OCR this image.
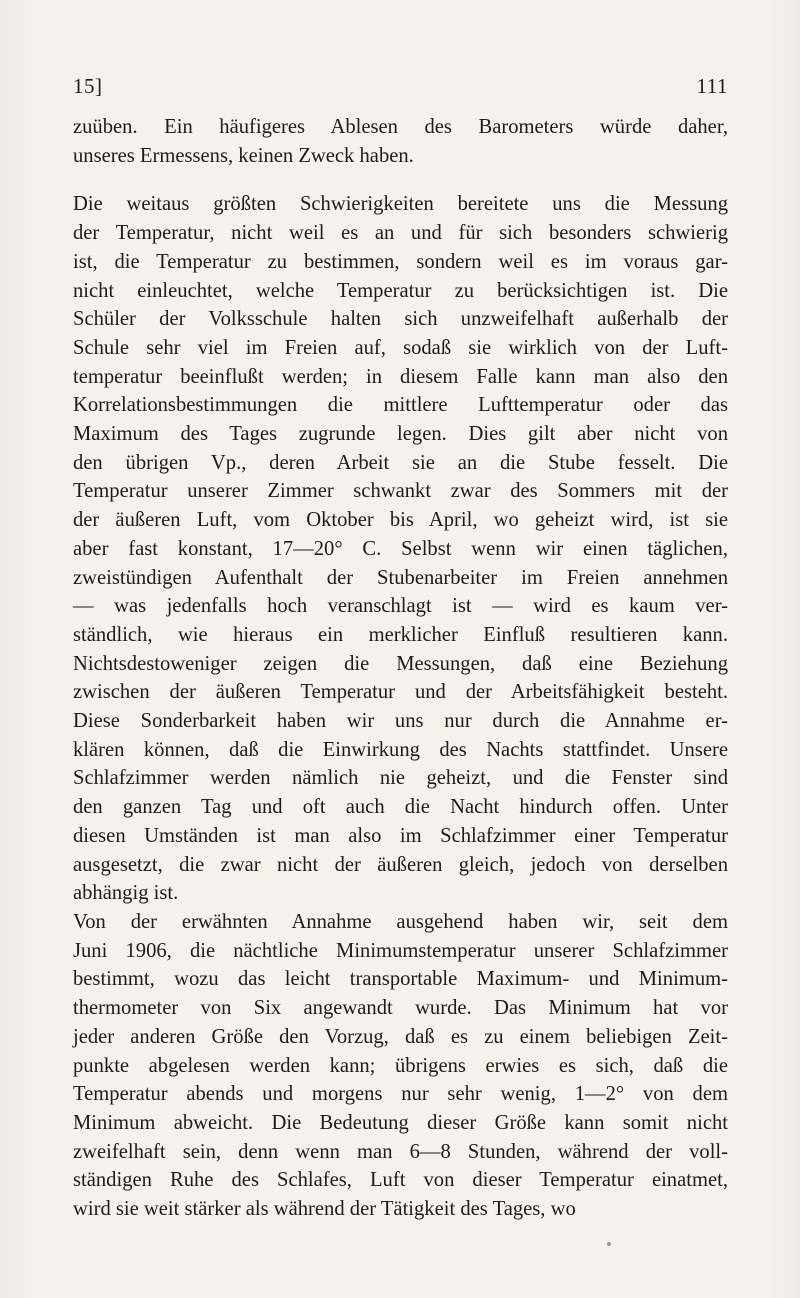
15]	111

zuüben. Ein häufigeres Ablesen des Barometers würde daher,
unseres Ermessens, keinen Zweck haben.

Die weitaus größten Schwierigkeiten bereitete uns die Messung
der Temperatur, nicht weil es an und für sich besonders schwierig
ist, die Temperatur zu bestimmen, sondern weil es im voraus gar-
nicht einleuchtet, welche Temperatur zu berücksichtigen ist. Die
Schüler der Volksschule halten sich unzweifelhaft außerhalb der
Schule sehr viel im Freien auf, sodaß sie wirklich von der Luft-
temperatur beeinflußt werden; in diesem Falle kann man also den
Korrelationsbestimmungen die mittlere Lufttemperatur oder das
Maximum des Tages zugrunde legen. Dies gilt aber nicht von
den übrigen Vp., deren Arbeit sie an die Stube fesselt. Die
Temperatur unserer Zimmer schwankt zwar des Sommers mit der
der äußeren Luft, vom Oktober bis April, wo geheizt wird, ist sie
aber fast konstant, 17—20° C. Selbst wenn wir einen täglichen,
zweistündigen Aufenthalt der Stubenarbeiter im Freien annehmen
— was jedenfalls hoch veranschlagt ist — wird es kaum ver-
ständlich, wie hieraus ein merklicher Einfluß resultieren kann.
Nichtsdestoweniger zeigen die Messungen, daß eine Beziehung
zwischen der äußeren Temperatur und der Arbeitsfähigkeit besteht.
Diese Sonderbarkeit haben wir uns nur durch die Annahme er-
klären können, daß die Einwirkung des Nachts stattfindet. Unsere
Schlafzimmer werden nämlich nie geheizt, und die Fenster sind
den ganzen Tag und oft auch die Nacht hindurch offen. Unter
diesen Umständen ist man also im Schlafzimmer einer Temperatur
ausgesetzt, die zwar nicht der äußeren gleich, jedoch von derselben
abhängig ist.

Von der erwähnten Annahme ausgehend haben wir, seit dem
Juni 1906, die nächtliche Minimumstemperatur unserer Schlafzimmer
bestimmt, wozu das leicht transportable Maximum- und Minimum-
thermometer von Six angewandt wurde. Das Minimum hat vor
jeder anderen Größe den Vorzug, daß es zu einem beliebigen Zeit-
punkte abgelesen werden kann; übrigens erwies es sich, daß die
Temperatur abends und morgens nur sehr wenig, 1—2° von dem
Minimum abweicht. Die Bedeutung dieser Größe kann somit nicht
zweifelhaft sein, denn wenn man 6—8 Stunden, während der voll-
ständigen Ruhe des Schlafes, Luft von dieser Temperatur einatmet,
wird sie weit stärker als während der Tätigkeit des Tages, wo
